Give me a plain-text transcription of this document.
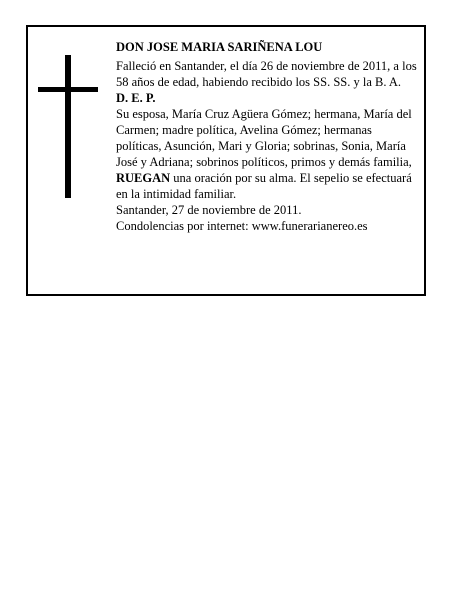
DON JOSE MARIA SARIÑENA LOU

Falleció en Santander, el día 26 de noviembre de 2011, a los 58 años de edad, habiendo recibido los SS. SS. y la B. A.

D. E. P.

Su esposa, María Cruz Agüera Gómez; hermana, María del Carmen; madre política, Avelina Gómez; hermanas políticas, Asunción, Mari y Gloria; sobrinas, Sonia, María José y Adriana; sobrinos políticos, primos y demás familia,

RUEGAN una oración por su alma. El sepelio se efectuará en la intimidad familiar.

Santander, 27 de noviembre de 2011.

Condolencias por internet: www.funerarianereo.es
